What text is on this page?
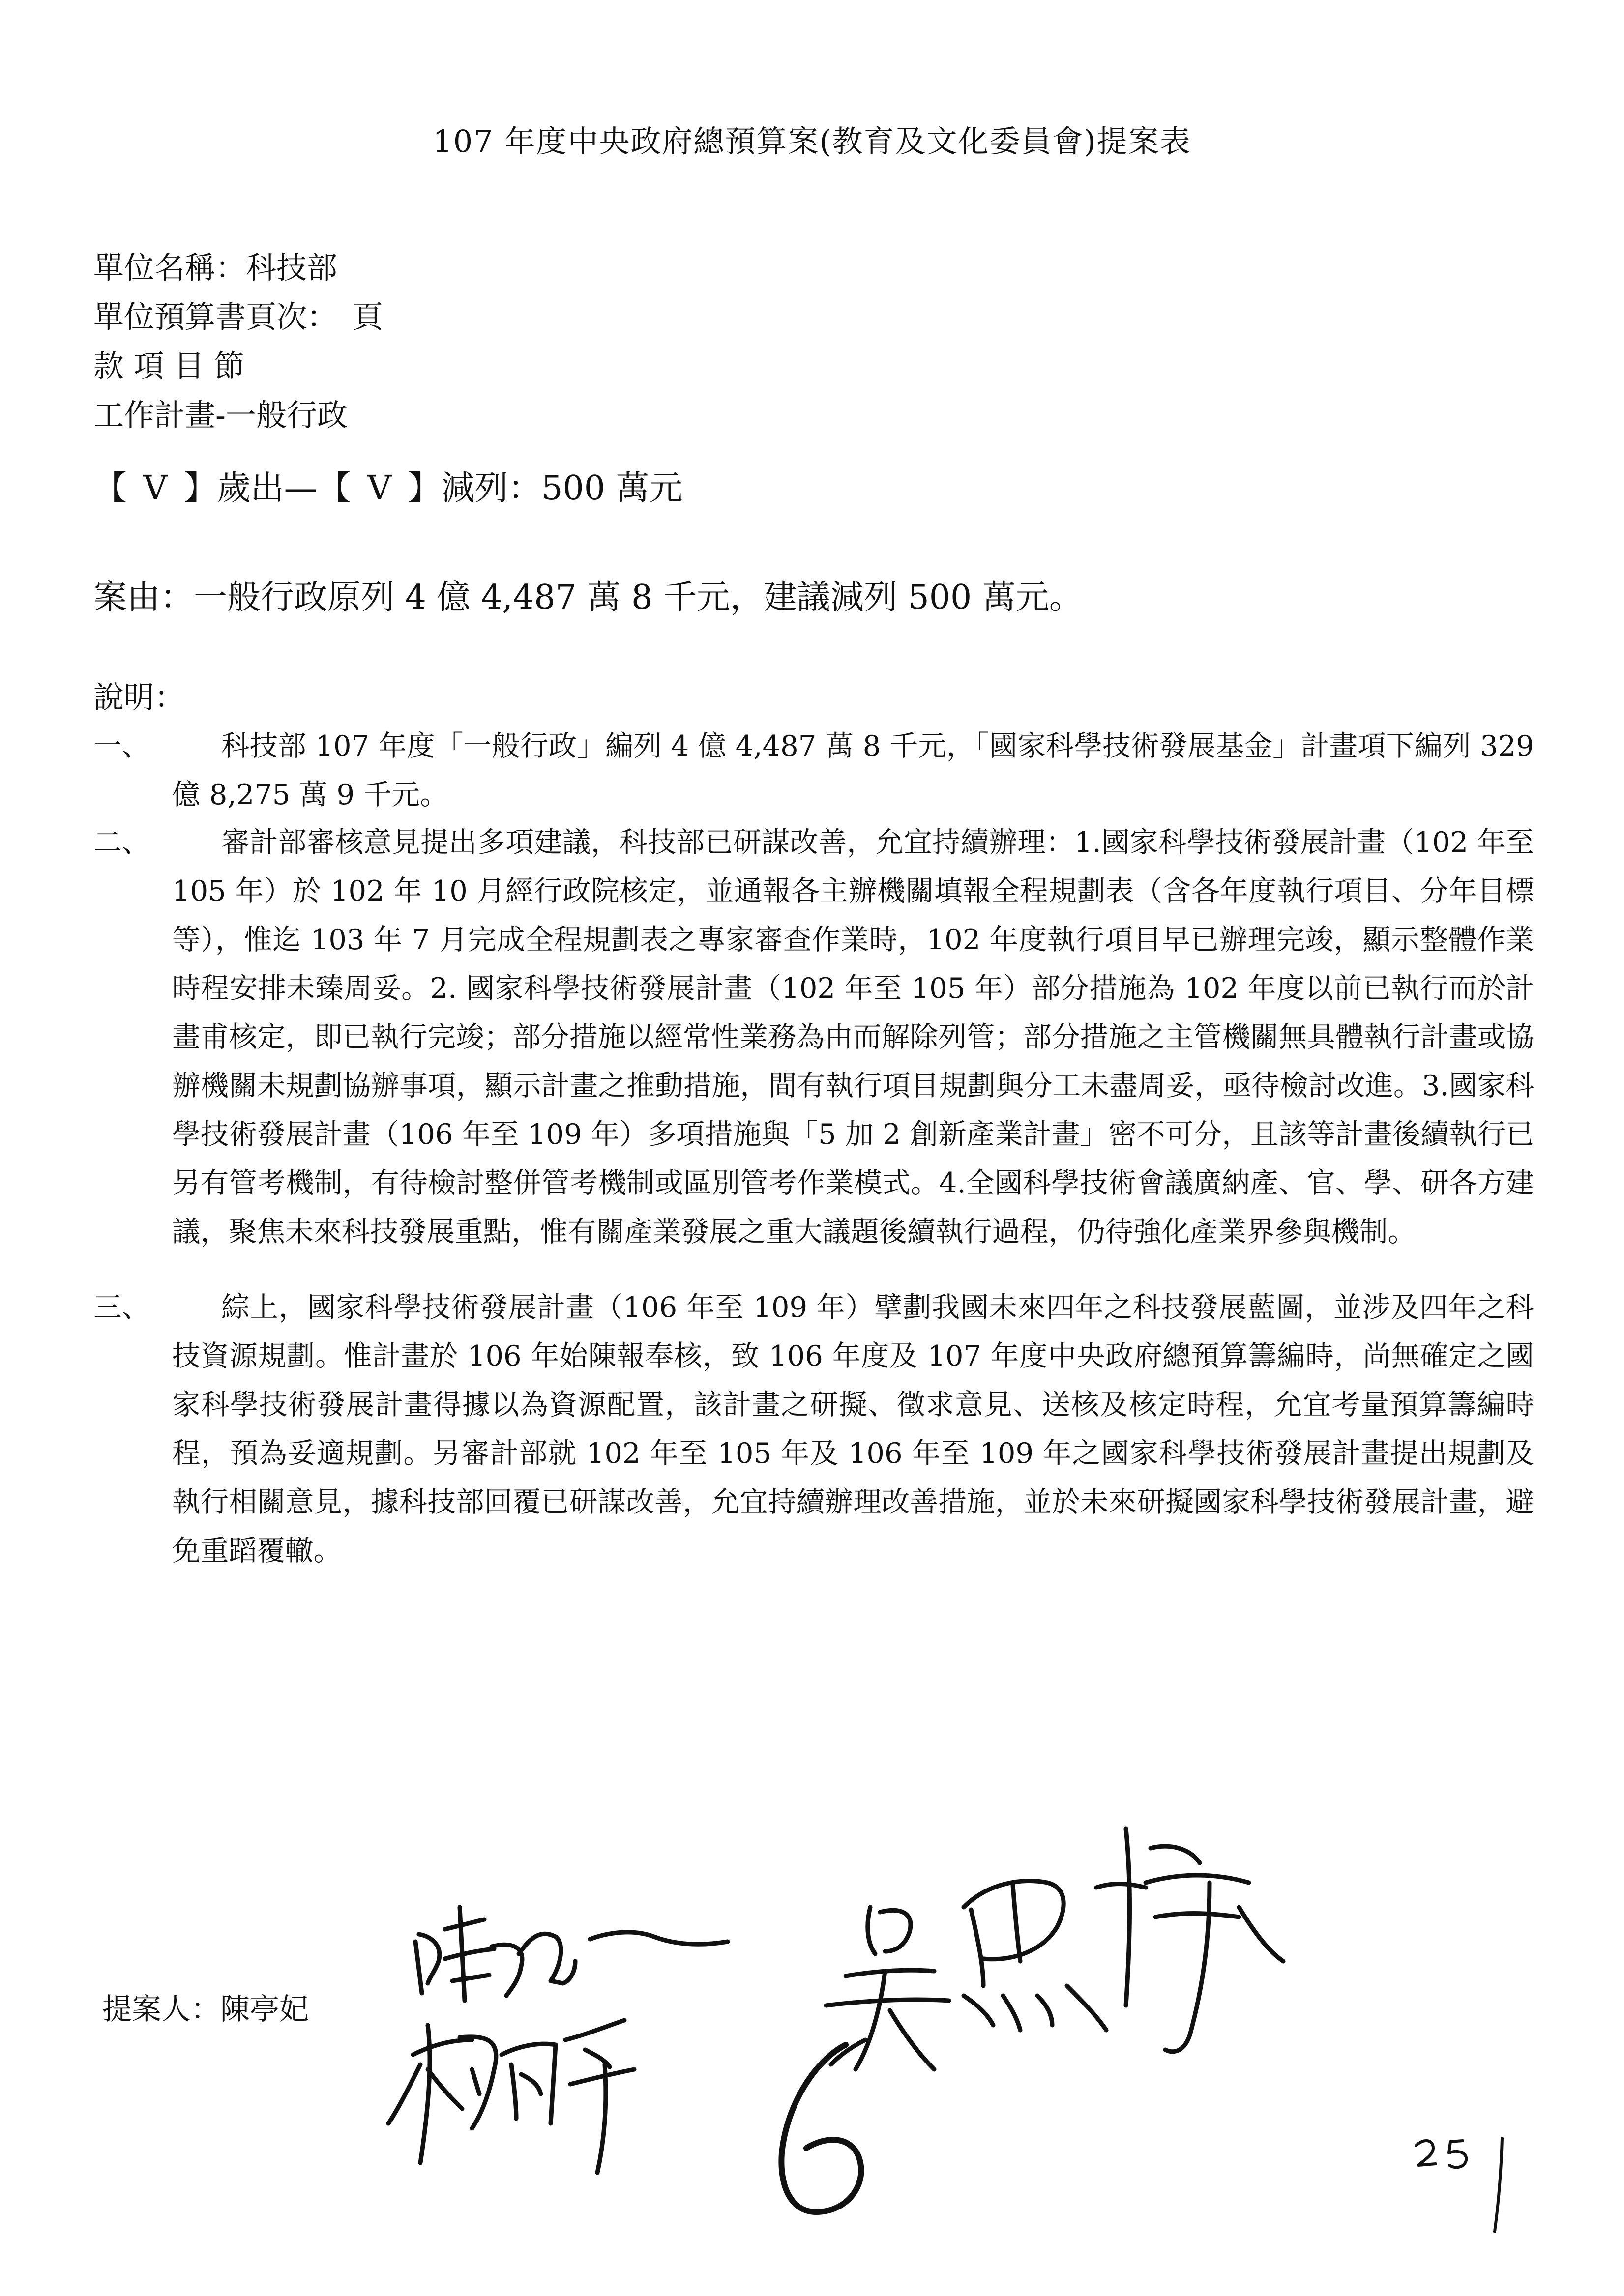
107 年度中央政府總預算案(教育及文化委員會)提案表
單位名稱：科技部
單位預算書頁次：　頁
款 項 目 節
工作計畫-一般行政
【 V 】歲出—【 V 】減列：500 萬元
案由：一般行政原列 4 億 4,487 萬 8 千元，建議減列 500 萬元。
說明：
一、	科技部 107 年度「一般行政」編列 4 億 4,487 萬 8 千元，「國家科學技術發展基金」計畫項下編列 329 億 8,275 萬 9 千元。
二、	審計部審核意見提出多項建議，科技部已研謀改善，允宜持續辦理：1.國家科學技術發展計畫（102 年至 105 年）於 102 年 10 月經行政院核定，並通報各主辦機關填報全程規劃表（含各年度執行項目、分年目標等），惟迄 103 年 7 月完成全程規劃表之專家審查作業時，102 年度執行項目早已辦理完竣，顯示整體作業時程安排未臻周妥。2. 國家科學技術發展計畫（102 年至 105 年）部分措施為 102 年度以前已執行而於計畫甫核定，即已執行完竣；部分措施以經常性業務為由而解除列管；部分措施之主管機關無具體執行計畫或協辦機關未規劃協辦事項，顯示計畫之推動措施，間有執行項目規劃與分工未盡周妥，亟待檢討改進。3.國家科學技術發展計畫（106 年至 109 年）多項措施與「5 加 2 創新產業計畫」密不可分，且該等計畫後續執行已另有管考機制，有待檢討整併管考機制或區別管考作業模式。4.全國科學技術會議廣納產、官、學、研各方建議，聚焦未來科技發展重點，惟有關產業發展之重大議題後續執行過程，仍待強化產業界參與機制。
三、	綜上，國家科學技術發展計畫（106 年至 109 年）擘劃我國未來四年之科技發展藍圖，並涉及四年之科技資源規劃。惟計畫於 106 年始陳報奉核，致 106 年度及 107 年度中央政府總預算籌編時，尚無確定之國家科學技術發展計畫得據以為資源配置，該計畫之研擬、徵求意見、送核及核定時程，允宜考量預算籌編時程，預為妥適規劃。另審計部就 102 年至 105 年及 106 年至 109 年之國家科學技術發展計畫提出規劃及執行相關意見，據科技部回覆已研謀改善，允宜持續辦理改善措施，並於未來研擬國家科學技術發展計畫，避免重蹈覆轍。
提案人：陳亭妃
